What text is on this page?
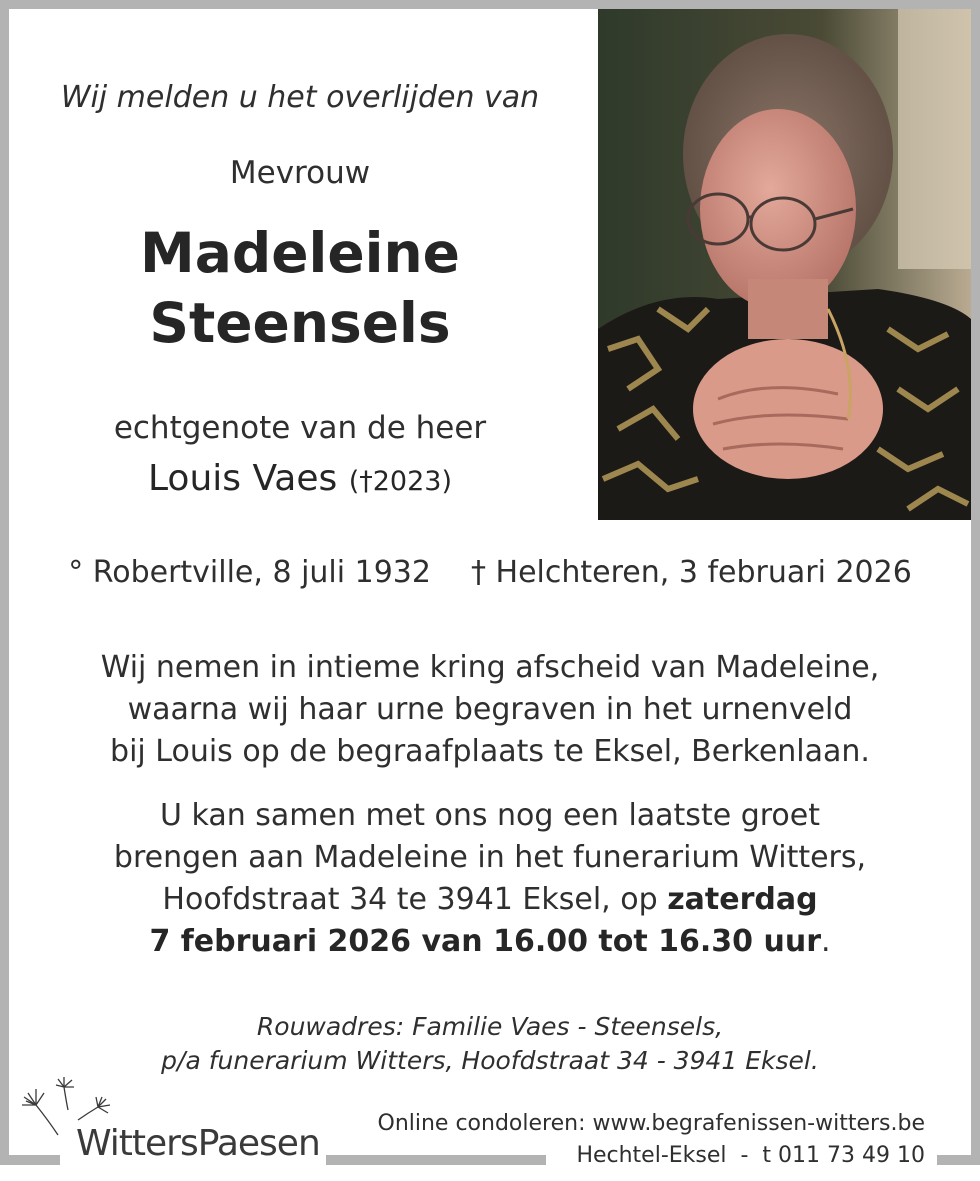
Wij melden u het overlijden van
Mevrouw
Madeleine
Steensels
echtgenote van de heer
Louis Vaes (†2023)
° Robertville, 8 juli 1932 † Helchteren, 3 februari 2026
Wij nemen in intieme kring afscheid van Madeleine,
waarna wij haar urne begraven in het urnenveld
bij Louis op de begraafplaats te Eksel, Berkenlaan.
U kan samen met ons nog een laatste groet
brengen aan Madeleine in het funerarium Witters,
Hoofdstraat 34 te 3941 Eksel, op zaterdag
7 februari 2026 van 16.00 tot 16.30 uur.
Rouwadres: Familie Vaes - Steensels,
p/a funerarium Witters, Hoofdstraat 34 - 3941 Eksel.
WittersPaesen	Online condoleren: www.begrafenissen-witters.be
Hechtel-Eksel  -  t 011 73 49 10
